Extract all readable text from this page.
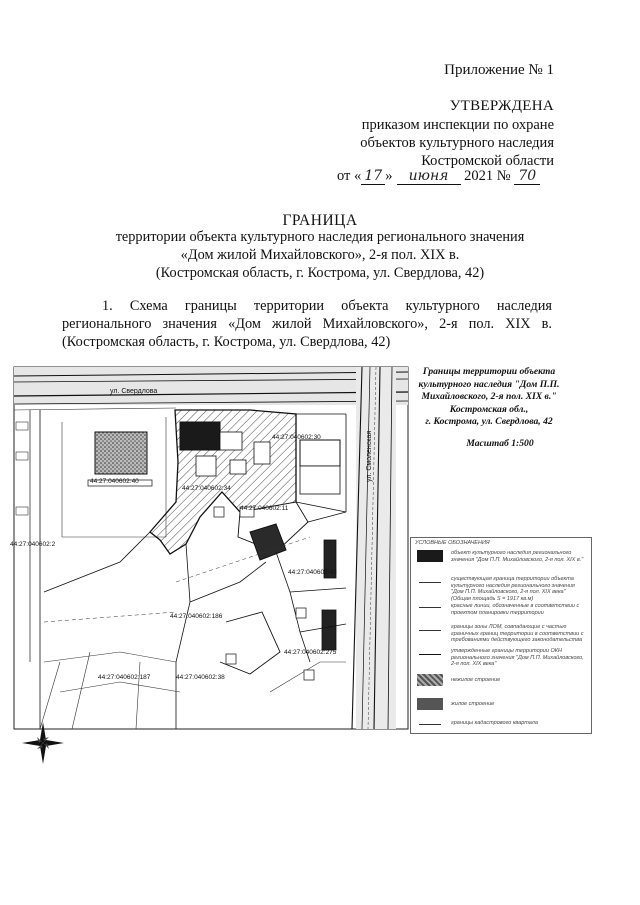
Приложение № 1
УТВЕРЖДЕНА
приказом инспекции по охране
объектов культурного наследия
Костромской области
от « 17 » июня 2021 № 70
ГРАНИЦА
территории объекта культурного наследия регионального значения
«Дом жилой Михайловского», 2-я пол. XIX в.
(Костромская область, г. Кострома, ул. Свердлова, 42)
1. Схема границы территории объекта культурного наследия
регионального значения «Дом жилой Михайловского», 2-я пол. XIX в.
(Костромская область, г. Кострома, ул. Свердлова, 42)
ул. Свердлова
ул. Смоленская
44:27:040602:30
44:27:040602:40
44:27:040602:34
44:27:040602:11
44:27:040602:2
44:27:040602:43
44:27:040602:186
44:27:040602:275
44:27:040602:187	44:27:040602:38
Границы территории объекта
культурного наследия "Дом П.П.
Михайловского, 2-я пол. XIX в."
Костромская обл.,
г. Кострома, ул. Свердлова, 42
Масштаб 1:500
УСЛОВНЫЕ ОБОЗНАЧЕНИЯ
объект культурного наследия регионального значения "Дом П.П. Михайловского, 2-я пол. XIX в."
существующая граница территории объекта культурного наследия регионального значения "Дом П.П. Михайловского, 2-я пол. XIX века" (Общая площадь S = 1917 кв.м)
красные линии, обозначенные в соответствии с проектом планировки территории
границы зоны ЛОМ, совпадающие с частью граничных границ территории в соответствии с требованиями действующего законодательства
утвержденные границы территории ОКН регионального значения "Дом П.П. Михайловского, 2-я пол. XIX века"
нежилое строение
жилое строение
границы кадастрового квартала
